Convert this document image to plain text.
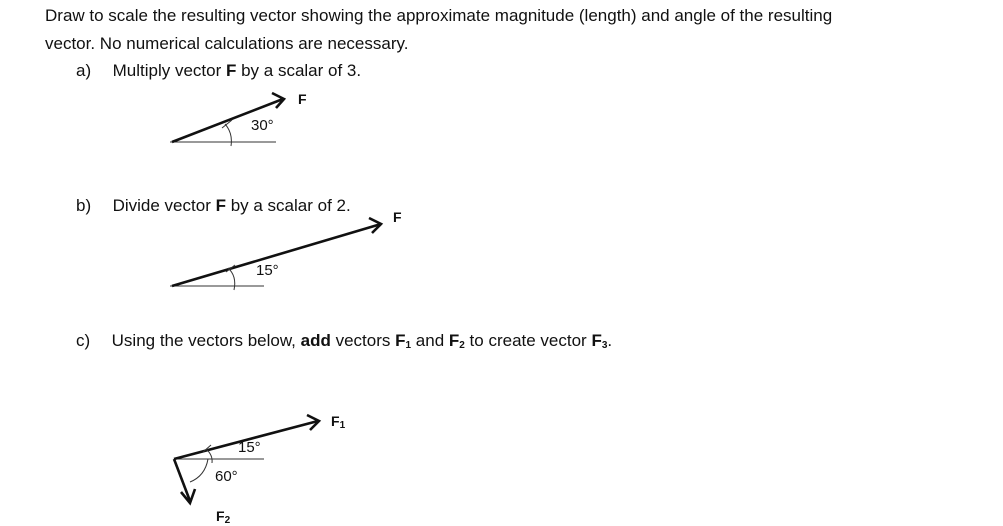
Draw to scale the resulting vector showing the approximate magnitude (length) and angle of the resulting
vector. No numerical calculations are necessary.
a) Multiply vector F by a scalar of 3.
b) Divide vector F by a scalar of 2.
c) Using the vectors below, add vectors $F_1$ and $F_2$ to create vector $F_3$.
F
30°
F
15°
$F_1$
15°
60°
$F_2$
